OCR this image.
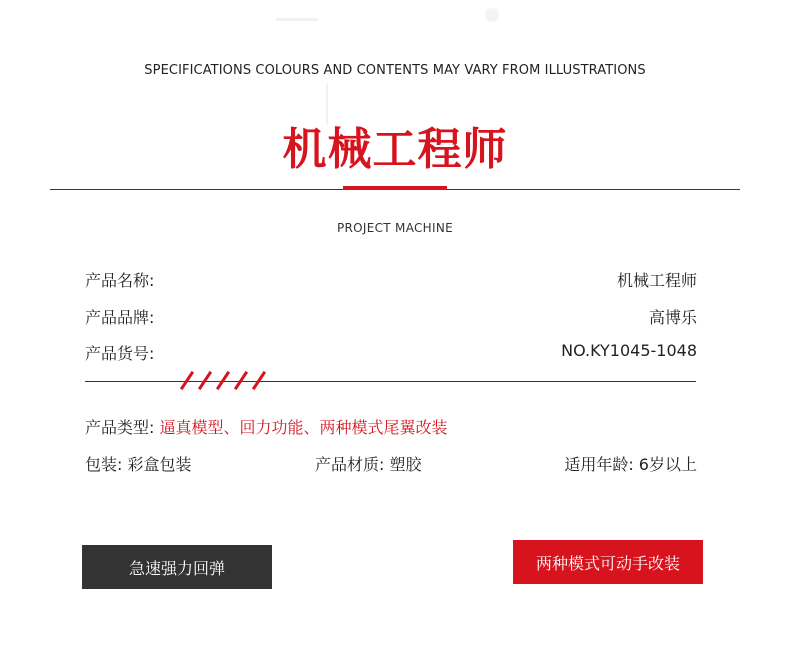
SPECIFICATIONS COLOURS AND CONTENTS MAY VARY FROM ILLUSTRATIONS
机械工程师
PROJECT MACHINE
产品名称:	机械工程师
产品品牌:	高博乐
产品货号:	NO.KY1045-1048
产品类型: 逼真模型、回力功能、两种模式尾翼改装
包装: 彩盒包装	产品材质: 塑胶	适用年龄: 6岁以上
急速强力回弹	两种模式可动手改装
